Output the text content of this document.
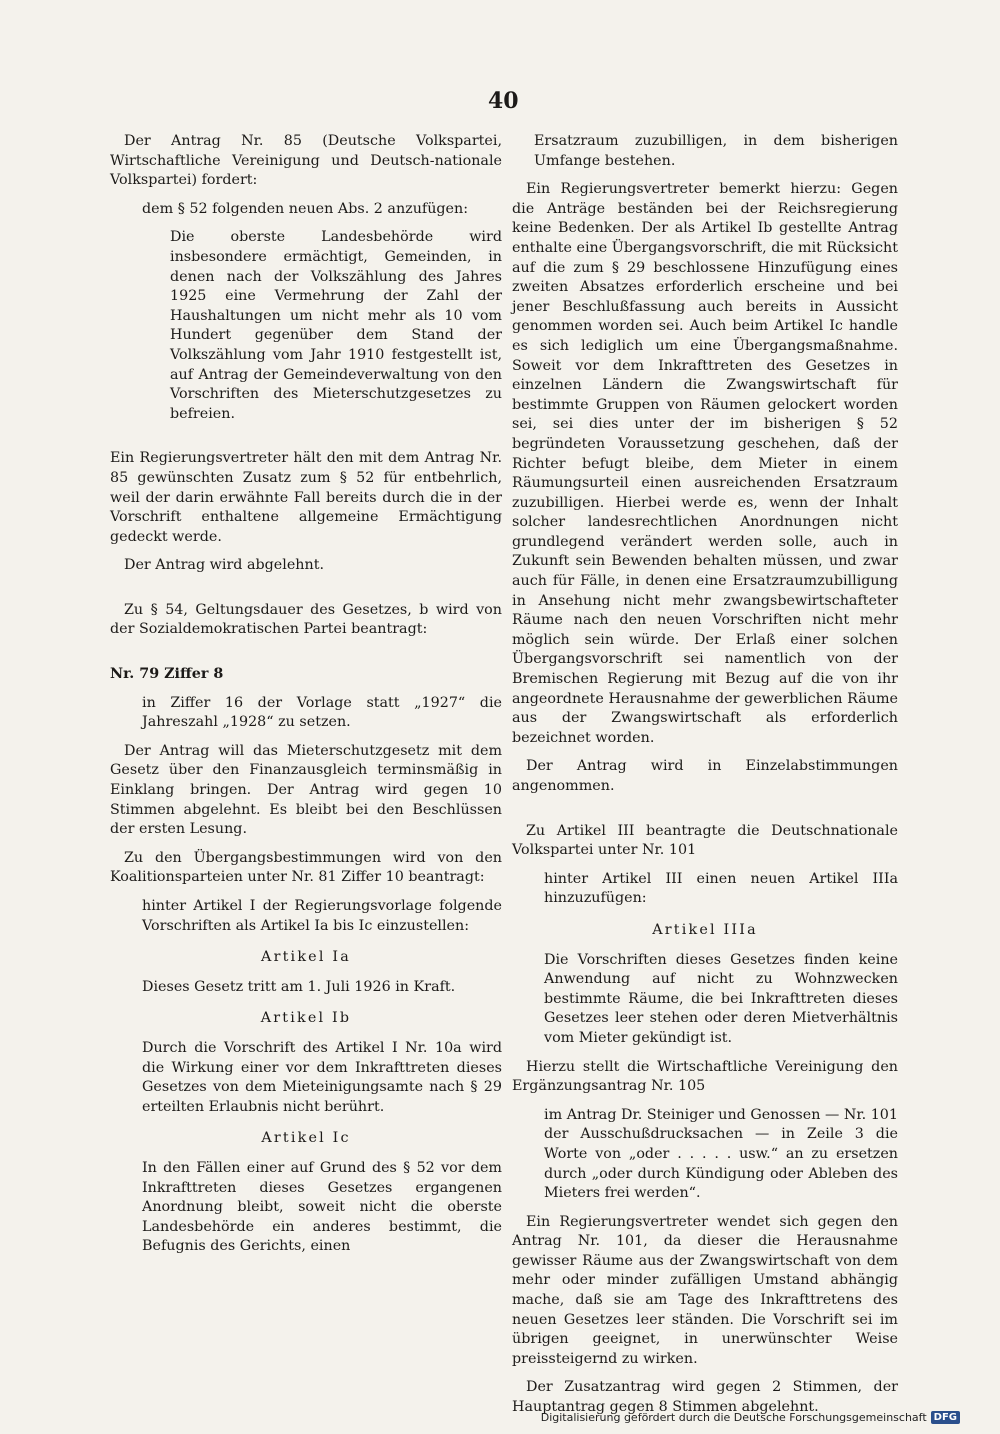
40

Der Antrag Nr. 85 (Deutsche Volkspartei, Wirtschaftliche Vereinigung und Deutsch-nationale Volkspartei) fordert:

dem § 52 folgenden neuen Abs. 2 anzufügen:

Die oberste Landesbehörde wird insbesondere ermächtigt, Gemeinden, in denen nach der Volkszählung des Jahres 1925 eine Vermehrung der Zahl der Haushaltungen um nicht mehr als 10 vom Hundert gegenüber dem Stand der Volkszählung vom Jahr 1910 festgestellt ist, auf Antrag der Gemeindeverwaltung von den Vorschriften des Mieterschutzgesetzes zu befreien.

Ein Regierungsvertreter hält den mit dem Antrag Nr. 85 gewünschten Zusatz zum § 52 für entbehrlich, weil der darin erwähnte Fall bereits durch die in der Vorschrift enthaltene allgemeine Ermächtigung gedeckt werde.

Der Antrag wird abgelehnt.

Zu § 54, Geltungsdauer des Gesetzes, b wird von der Sozialdemokratischen Partei beantragt:

Nr. 79 Ziffer 8

in Ziffer 16 der Vorlage statt „1927“ die Jahreszahl „1928“ zu setzen.

Der Antrag will das Mieterschutzgesetz mit dem Gesetz über den Finanzausgleich terminsmäßig in Einklang bringen. Der Antrag wird gegen 10 Stimmen abgelehnt. Es bleibt bei den Beschlüssen der ersten Lesung.

Zu den Übergangsbestimmungen wird von den Koalitionsparteien unter Nr. 81 Ziffer 10 beantragt:

hinter Artikel I der Regierungsvorlage folgende Vorschriften als Artikel Ia bis Ic einzustellen:

Artikel Ia

Dieses Gesetz tritt am 1. Juli 1926 in Kraft.

Artikel Ib

Durch die Vorschrift des Artikel I Nr. 10a wird die Wirkung einer vor dem Inkrafttreten dieses Gesetzes von dem Mieteinigungsamte nach § 29 erteilten Erlaubnis nicht berührt.

Artikel Ic

In den Fällen einer auf Grund des § 52 vor dem Inkrafttreten dieses Gesetzes ergangenen Anordnung bleibt, soweit nicht die oberste Landesbehörde ein anderes bestimmt, die Befugnis des Gerichts, einen

Ersatzraum zuzubilligen, in dem bisherigen Umfange bestehen.

Ein Regierungsvertreter bemerkt hierzu: Gegen die Anträge beständen bei der Reichsregierung keine Bedenken. Der als Artikel Ib gestellte Antrag enthalte eine Übergangsvorschrift, die mit Rücksicht auf die zum § 29 beschlossene Hinzufügung eines zweiten Absatzes erforderlich erscheine und bei jener Beschlußfassung auch bereits in Aussicht genommen worden sei. Auch beim Artikel Ic handle es sich lediglich um eine Übergangsmaßnahme. Soweit vor dem Inkrafttreten des Gesetzes in einzelnen Ländern die Zwangswirtschaft für bestimmte Gruppen von Räumen gelockert worden sei, sei dies unter der im bisherigen § 52 begründeten Voraussetzung geschehen, daß der Richter befugt bleibe, dem Mieter in einem Räumungsurteil einen ausreichenden Ersatzraum zuzubilligen. Hierbei werde es, wenn der Inhalt solcher landesrechtlichen Anordnungen nicht grundlegend verändert werden solle, auch in Zukunft sein Bewenden behalten müssen, und zwar auch für Fälle, in denen eine Ersatzraumzubilligung in Ansehung nicht mehr zwangsbewirtschafteter Räume nach den neuen Vorschriften nicht mehr möglich sein würde. Der Erlaß einer solchen Übergangsvorschrift sei namentlich von der Bremischen Regierung mit Bezug auf die von ihr angeordnete Herausnahme der gewerblichen Räume aus der Zwangswirtschaft als erforderlich bezeichnet worden.

Der Antrag wird in Einzelabstimmungen angenommen.

Zu Artikel III beantragte die Deutschnationale Volkspartei unter Nr. 101

hinter Artikel III einen neuen Artikel IIIa hinzuzufügen:

Artikel IIIa

Die Vorschriften dieses Gesetzes finden keine Anwendung auf nicht zu Wohnzwecken bestimmte Räume, die bei Inkrafttreten dieses Gesetzes leer stehen oder deren Mietverhältnis vom Mieter gekündigt ist.

Hierzu stellt die Wirtschaftliche Vereinigung den Ergänzungsantrag Nr. 105

im Antrag Dr. Steiniger und Genossen — Nr. 101 der Ausschußdrucksachen — in Zeile 3 die Worte von „oder . . . . . usw.“ an zu ersetzen durch „oder durch Kündigung oder Ableben des Mieters frei werden“.

Ein Regierungsvertreter wendet sich gegen den Antrag Nr. 101, da dieser die Herausnahme gewisser Räume aus der Zwangswirtschaft von dem mehr oder minder zufälligen Umstand abhängig mache, daß sie am Tage des Inkrafttretens des neuen Gesetzes leer ständen. Die Vorschrift sei im übrigen geeignet, in unerwünschter Weise preissteigernd zu wirken.

Der Zusatzantrag wird gegen 2 Stimmen, der Hauptantrag gegen 8 Stimmen abgelehnt.

Digitalisierung gefördert durch die Deutsche Forschungsgemeinschaft DFG
